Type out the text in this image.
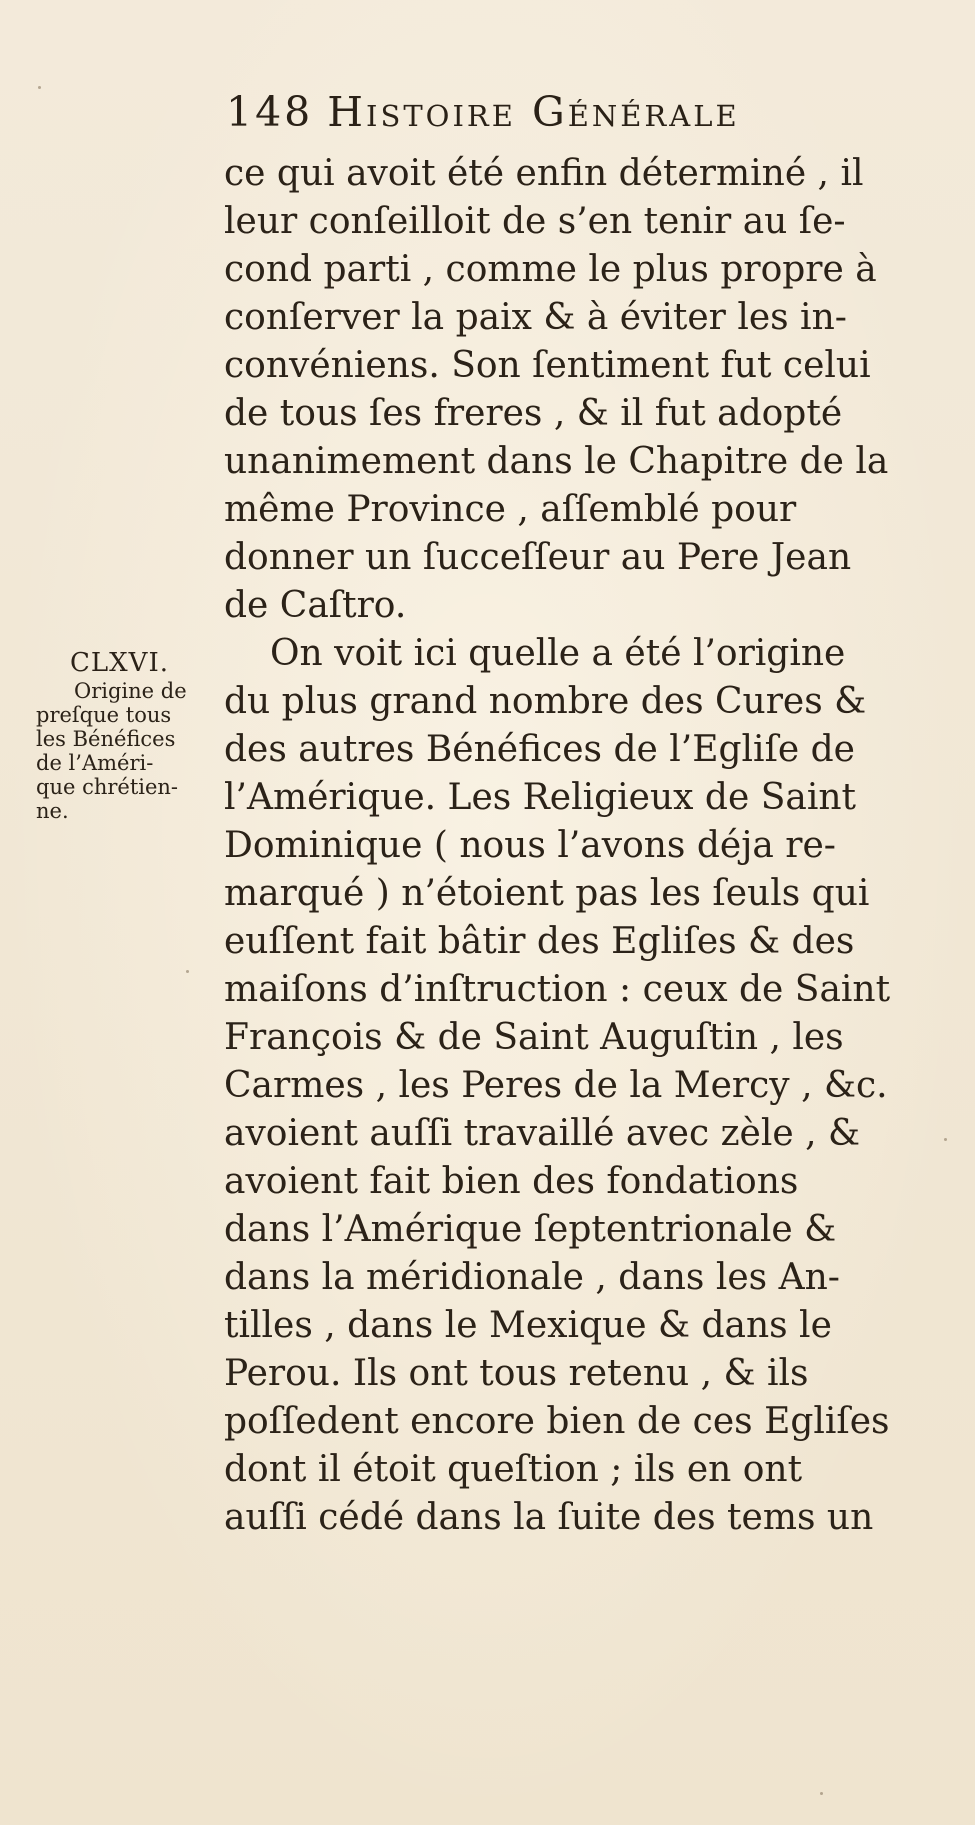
148 Histoire Générale
ce qui avoit été enfin déterminé , il
leur conſeilloit de s’en tenir au ſe-
cond parti , comme le plus propre à
conſerver la paix & à éviter les in-
convéniens. Son ſentiment fut celui
de tous ſes freres , & il fut adopté
unanimement dans le Chapitre de la
même Province , aſſemblé pour
donner un ſucceſſeur au Pere Jean
de Caſtro.
On voit ici quelle a été l’origine
du plus grand nombre des Cures &
des autres Bénéfices de l’Egliſe de
l’Amérique. Les Religieux de Saint
Dominique ( nous l’avons déja re-
marqué ) n’étoient pas les ſeuls qui
euſſent fait bâtir des Egliſes & des
maiſons d’inſtruction : ceux de Saint
François & de Saint Auguſtin , les
Carmes , les Peres de la Mercy , &c.
avoient auſſi travaillé avec zèle , &
avoient fait bien des fondations
dans l’Amérique ſeptentrionale &
dans la méridionale , dans les An-
tilles , dans le Mexique & dans le
Perou. Ils ont tous retenu , & ils
poſſedent encore bien de ces Egliſes
dont il étoit queſtion ; ils en ont
auſſi cédé dans la ſuite des tems un
CLXVI.
Origine de
preſque tous
les Bénéfices
de l’Améri-
que chrétien-
ne.
